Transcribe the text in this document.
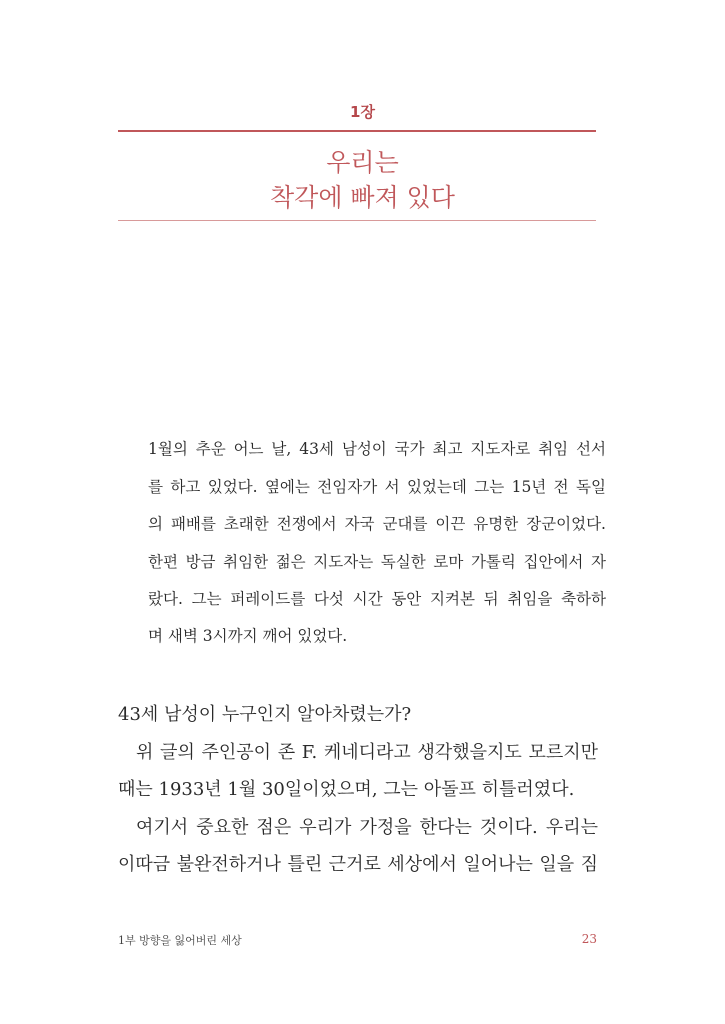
1장
우리는
착각에 빠져 있다
1월의 추운 어느 날, 43세 남성이 국가 최고 지도자로 취임 선서
를 하고 있었다. 옆에는 전임자가 서 있었는데 그는 15년 전 독일
의 패배를 초래한 전쟁에서 자국 군대를 이끈 유명한 장군이었다.
한편 방금 취임한 젊은 지도자는 독실한 로마 가톨릭 집안에서 자
랐다. 그는 퍼레이드를 다섯 시간 동안 지켜본 뒤 취임을 축하하
며 새벽 3시까지 깨어 있었다.
43세 남성이 누구인지 알아차렸는가?
위 글의 주인공이 존 F. 케네디라고 생각했을지도 모르지만
때는 1933년 1월 30일이었으며, 그는 아돌프 히틀러였다.
여기서 중요한 점은 우리가 가정을 한다는 것이다. 우리는
이따금 불완전하거나 틀린 근거로 세상에서 일어나는 일을 짐
1부 방향을 잃어버린 세상	23
